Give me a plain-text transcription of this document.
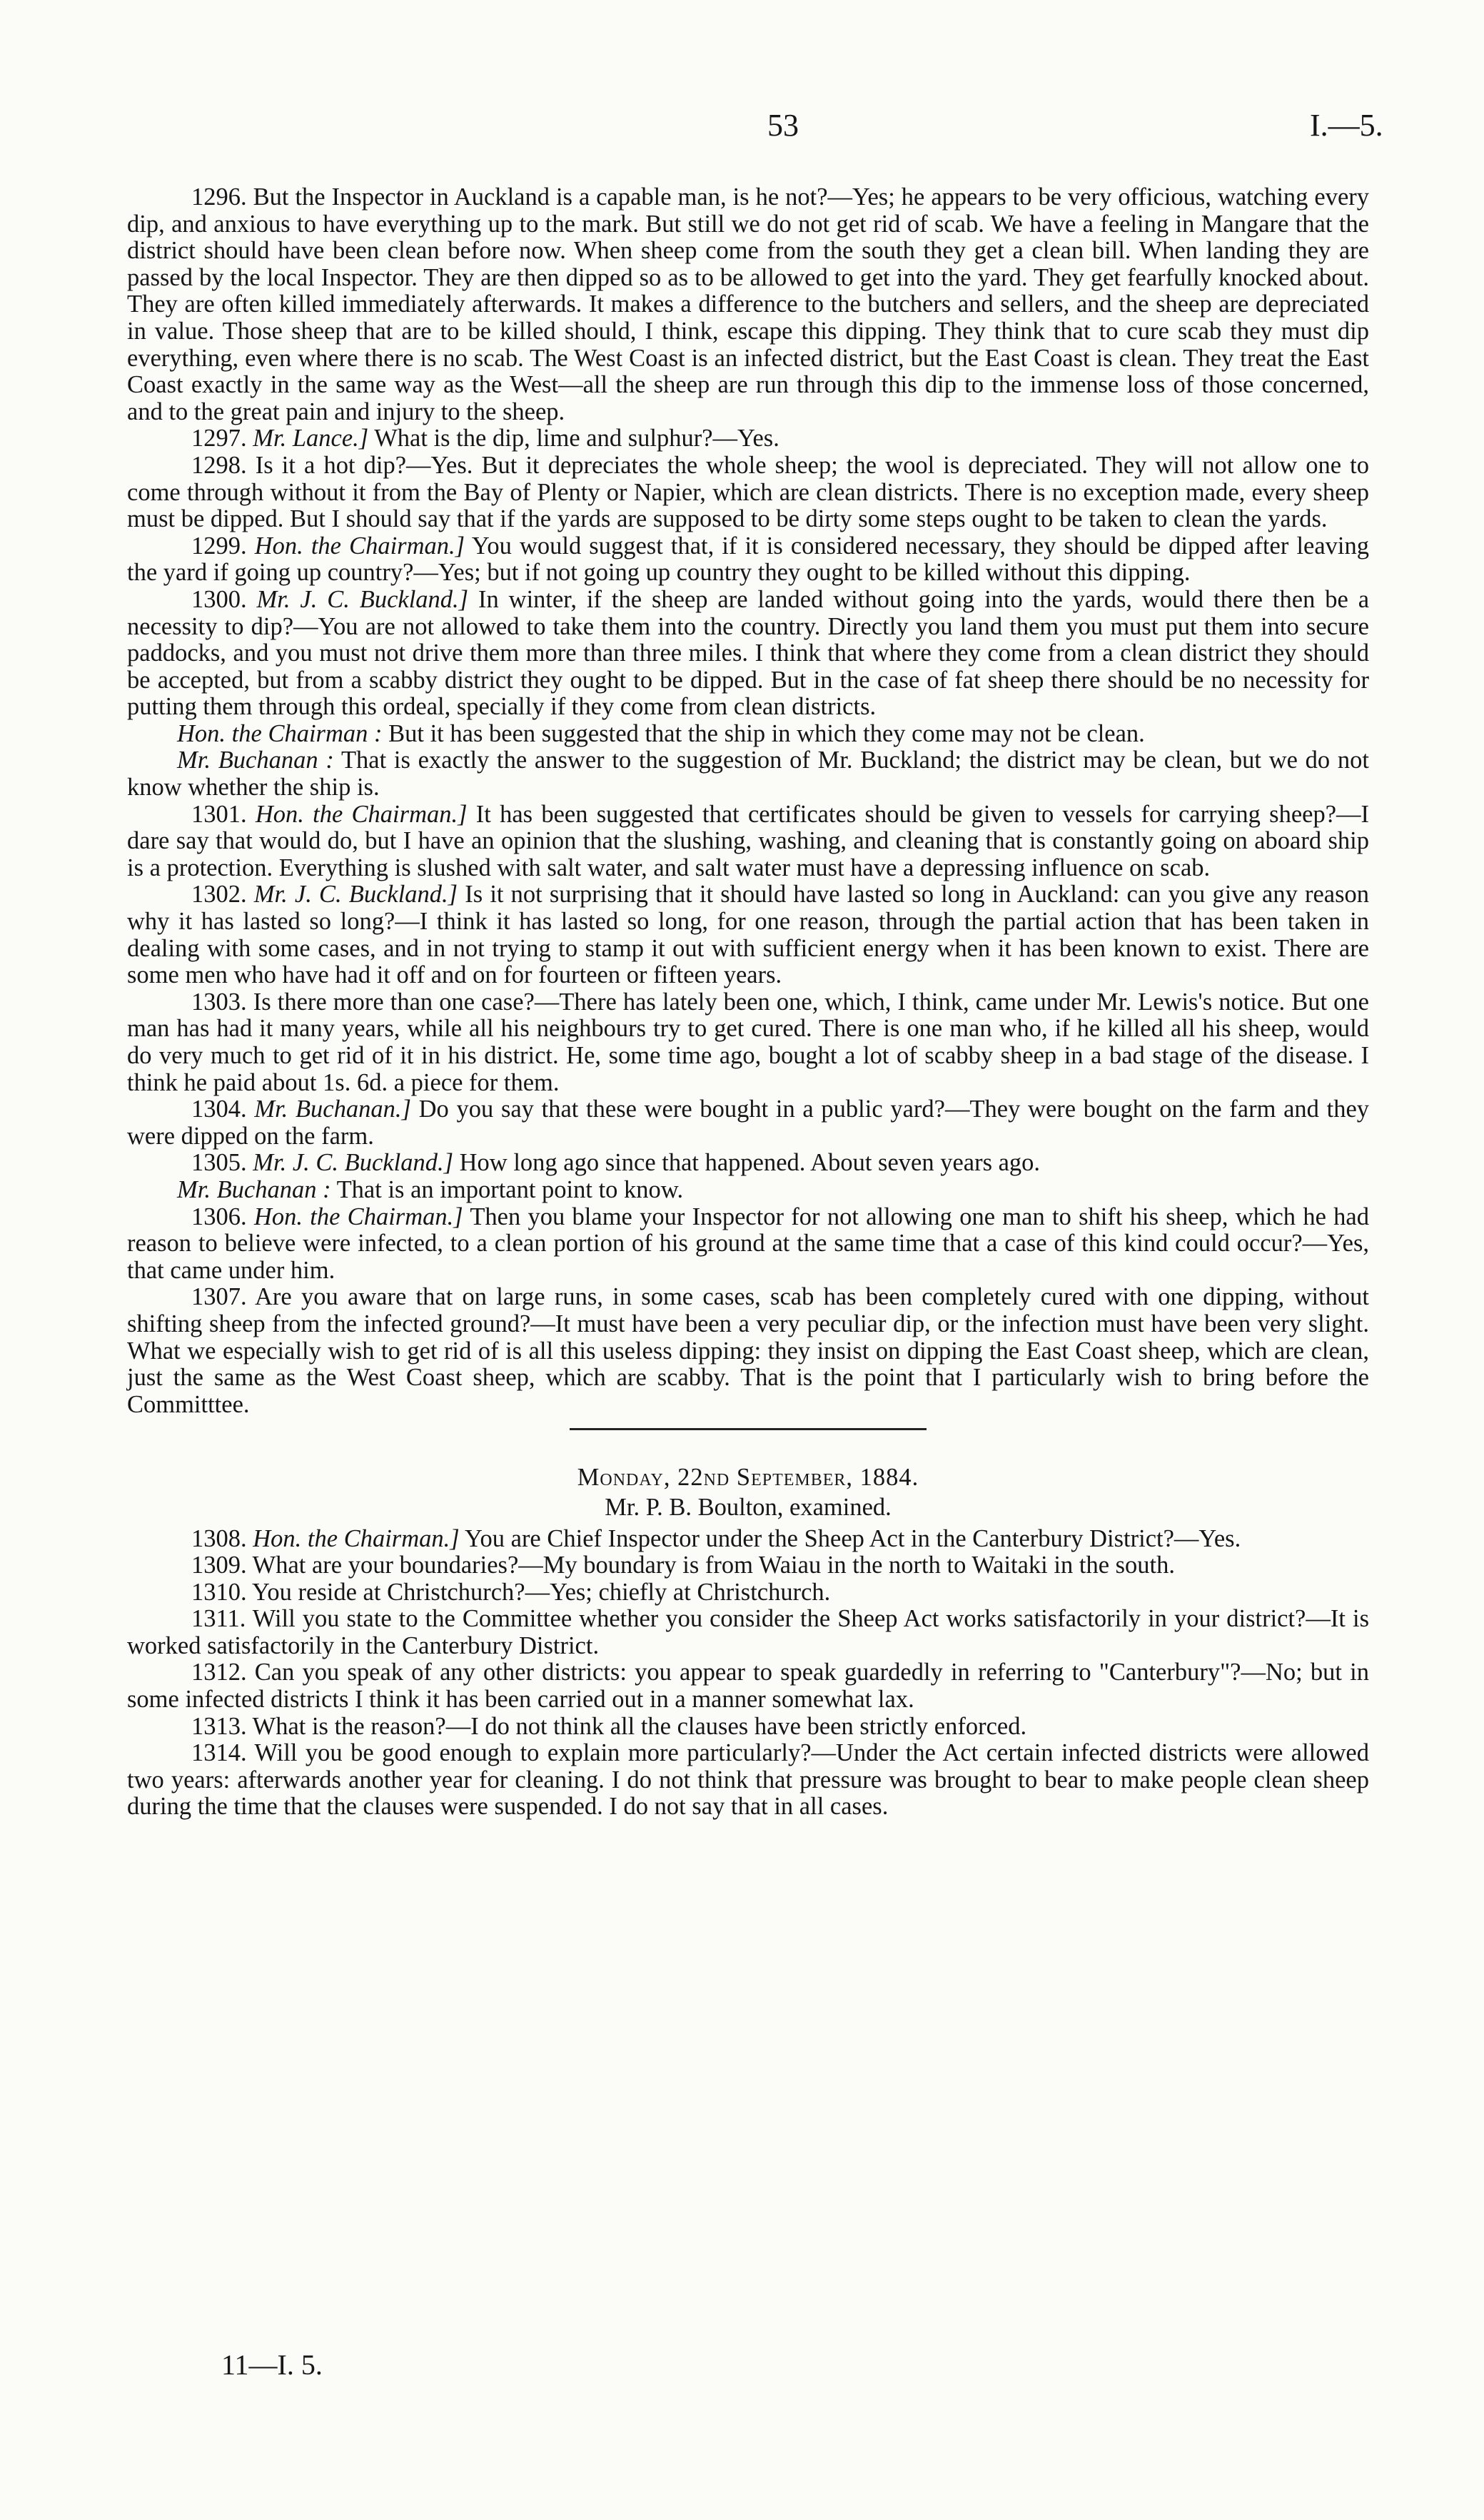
53	I.—5.

1296. But the Inspector in Auckland is a capable man, is he not?—Yes; he appears to be very officious, watching every dip, and anxious to have everything up to the mark. But still we do not get rid of scab. We have a feeling in Mangare that the district should have been clean before now. When sheep come from the south they get a clean bill. When landing they are passed by the local Inspector. They are then dipped so as to be allowed to get into the yard. They get fearfully knocked about. They are often killed immediately afterwards. It makes a difference to the butchers and sellers, and the sheep are depreciated in value. Those sheep that are to be killed should, I think, escape this dipping. They think that to cure scab they must dip everything, even where there is no scab. The West Coast is an infected district, but the East Coast is clean. They treat the East Coast exactly in the same way as the West—all the sheep are run through this dip to the immense loss of those concerned, and to the great pain and injury to the sheep.

1297. Mr. Lance.] What is the dip, lime and sulphur?—Yes.

1298. Is it a hot dip?—Yes. But it depreciates the whole sheep; the wool is depreciated. They will not allow one to come through without it from the Bay of Plenty or Napier, which are clean districts. There is no exception made, every sheep must be dipped. But I should say that if the yards are supposed to be dirty some steps ought to be taken to clean the yards.

1299. Hon. the Chairman.] You would suggest that, if it is considered necessary, they should be dipped after leaving the yard if going up country?—Yes; but if not going up country they ought to be killed without this dipping.

1300. Mr. J. C. Buckland.] In winter, if the sheep are landed without going into the yards, would there then be a necessity to dip?—You are not allowed to take them into the country. Directly you land them you must put them into secure paddocks, and you must not drive them more than three miles. I think that where they come from a clean district they should be accepted, but from a scabby district they ought to be dipped. But in the case of fat sheep there should be no necessity for putting them through this ordeal, specially if they come from clean districts.

Hon. the Chairman : But it has been suggested that the ship in which they come may not be clean.

Mr. Buchanan : That is exactly the answer to the suggestion of Mr. Buckland; the district may be clean, but we do not know whether the ship is.

1301. Hon. the Chairman.] It has been suggested that certificates should be given to vessels for carrying sheep?—I dare say that would do, but I have an opinion that the slushing, washing, and cleaning that is constantly going on aboard ship is a protection. Everything is slushed with salt water, and salt water must have a depressing influence on scab.

1302. Mr. J. C. Buckland.] Is it not surprising that it should have lasted so long in Auckland: can you give any reason why it has lasted so long?—I think it has lasted so long, for one reason, through the partial action that has been taken in dealing with some cases, and in not trying to stamp it out with sufficient energy when it has been known to exist. There are some men who have had it off and on for fourteen or fifteen years.

1303. Is there more than one case?—There has lately been one, which, I think, came under Mr. Lewis's notice. But one man has had it many years, while all his neighbours try to get cured. There is one man who, if he killed all his sheep, would do very much to get rid of it in his district. He, some time ago, bought a lot of scabby sheep in a bad stage of the disease. I think he paid about 1s. 6d. a piece for them.

1304. Mr. Buchanan.] Do you say that these were bought in a public yard?—They were bought on the farm and they were dipped on the farm.

1305. Mr. J. C. Buckland.] How long ago since that happened. About seven years ago.

Mr. Buchanan : That is an important point to know.

1306. Hon. the Chairman.] Then you blame your Inspector for not allowing one man to shift his sheep, which he had reason to believe were infected, to a clean portion of his ground at the same time that a case of this kind could occur?—Yes, that came under him.

1307. Are you aware that on large runs, in some cases, scab has been completely cured with one dipping, without shifting sheep from the infected ground?—It must have been a very peculiar dip, or the infection must have been very slight. What we especially wish to get rid of is all this useless dipping: they insist on dipping the East Coast sheep, which are clean, just the same as the West Coast sheep, which are scabby. That is the point that I particularly wish to bring before the Committtee.

Monday, 22nd September, 1884.
Mr. P. B. Boulton, examined.

1308. Hon. the Chairman.] You are Chief Inspector under the Sheep Act in the Canterbury District?—Yes.

1309. What are your boundaries?—My boundary is from Waiau in the north to Waitaki in the south.

1310. You reside at Christchurch?—Yes; chiefly at Christchurch.

1311. Will you state to the Committee whether you consider the Sheep Act works satisfactorily in your district?—It is worked satisfactorily in the Canterbury District.

1312. Can you speak of any other districts: you appear to speak guardedly in referring to "Canterbury"?—No; but in some infected districts I think it has been carried out in a manner somewhat lax.

1313. What is the reason?—I do not think all the clauses have been strictly enforced.

1314. Will you be good enough to explain more particularly?—Under the Act certain infected districts were allowed two years: afterwards another year for cleaning. I do not think that pressure was brought to bear to make people clean sheep during the time that the clauses were suspended. I do not say that in all cases.

11—I. 5.
